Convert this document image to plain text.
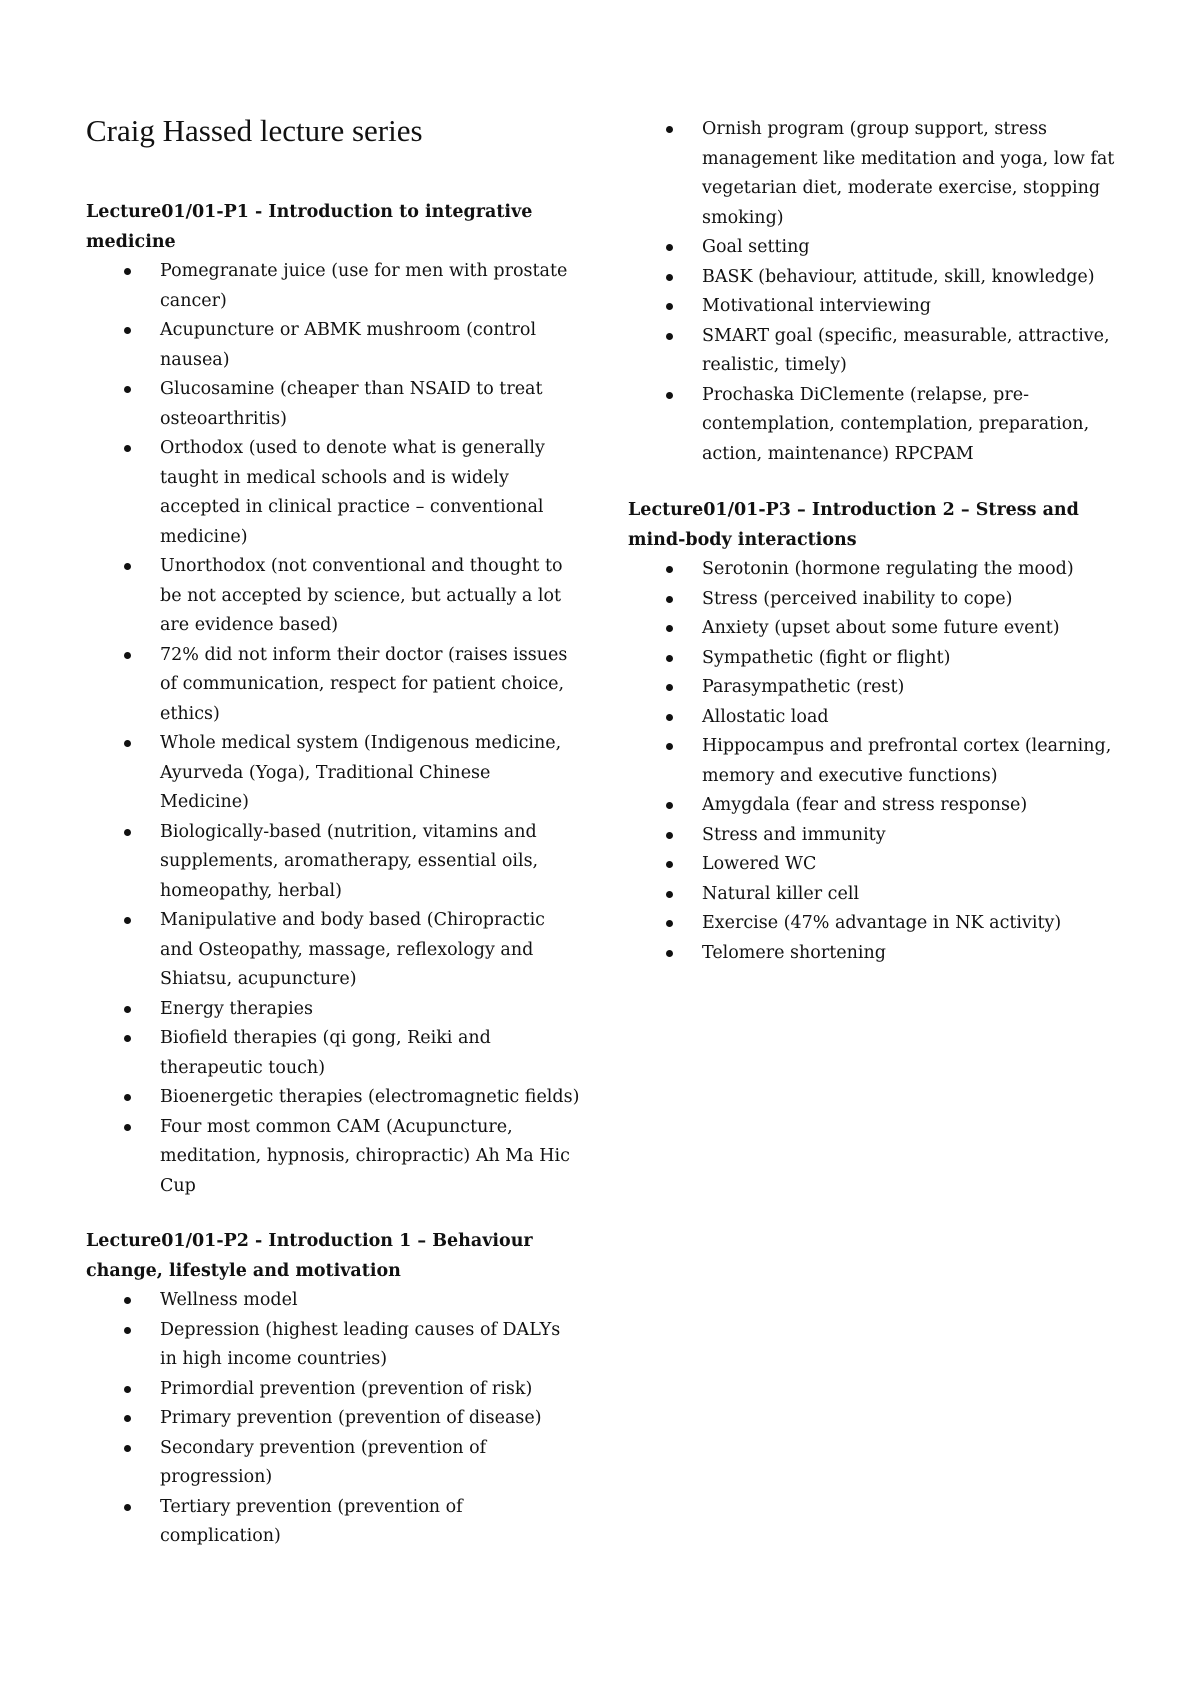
Craig Hassed lecture series
Lecture01/01-P1 - Introduction to integrative medicine
Pomegranate juice (use for men with prostate cancer)
Acupuncture or ABMK mushroom (control nausea)
Glucosamine (cheaper than NSAID to treat osteoarthritis)
Orthodox (used to denote what is generally taught in medical schools and is widely accepted in clinical practice – conventional medicine)
Unorthodox (not conventional and thought to be not accepted by science, but actually a lot are evidence based)
72% did not inform their doctor (raises issues of communication, respect for patient choice, ethics)
Whole medical system (Indigenous medicine, Ayurveda (Yoga), Traditional Chinese Medicine)
Biologically-based (nutrition, vitamins and supplements, aromatherapy, essential oils, homeopathy, herbal)
Manipulative and body based (Chiropractic and Osteopathy, massage, reflexology and Shiatsu, acupuncture)
Energy therapies
Biofield therapies (qi gong, Reiki and therapeutic touch)
Bioenergetic therapies (electromagnetic fields)
Four most common CAM (Acupuncture, meditation, hypnosis, chiropractic) Ah Ma Hic Cup
Lecture01/01-P2 - Introduction 1 – Behaviour change, lifestyle and motivation
Wellness model
Depression (highest leading causes of DALYs in high income countries)
Primordial prevention (prevention of risk)
Primary prevention (prevention of disease)
Secondary prevention (prevention of progression)
Tertiary prevention (prevention of complication)
Ornish program (group support, stress management like meditation and yoga, low fat vegetarian diet, moderate exercise, stopping smoking)
Goal setting
BASK (behaviour, attitude, skill, knowledge)
Motivational interviewing
SMART goal (specific, measurable, attractive, realistic, timely)
Prochaska DiClemente (relapse, pre-contemplation, contemplation, preparation, action, maintenance) RPCPAM
Lecture01/01-P3 – Introduction 2 – Stress and mind-body interactions
Serotonin (hormone regulating the mood)
Stress (perceived inability to cope)
Anxiety (upset about some future event)
Sympathetic (fight or flight)
Parasympathetic (rest)
Allostatic load
Hippocampus and prefrontal cortex (learning, memory and executive functions)
Amygdala (fear and stress response)
Stress and immunity
Lowered WC
Natural killer cell
Exercise (47% advantage in NK activity)
Telomere shortening
